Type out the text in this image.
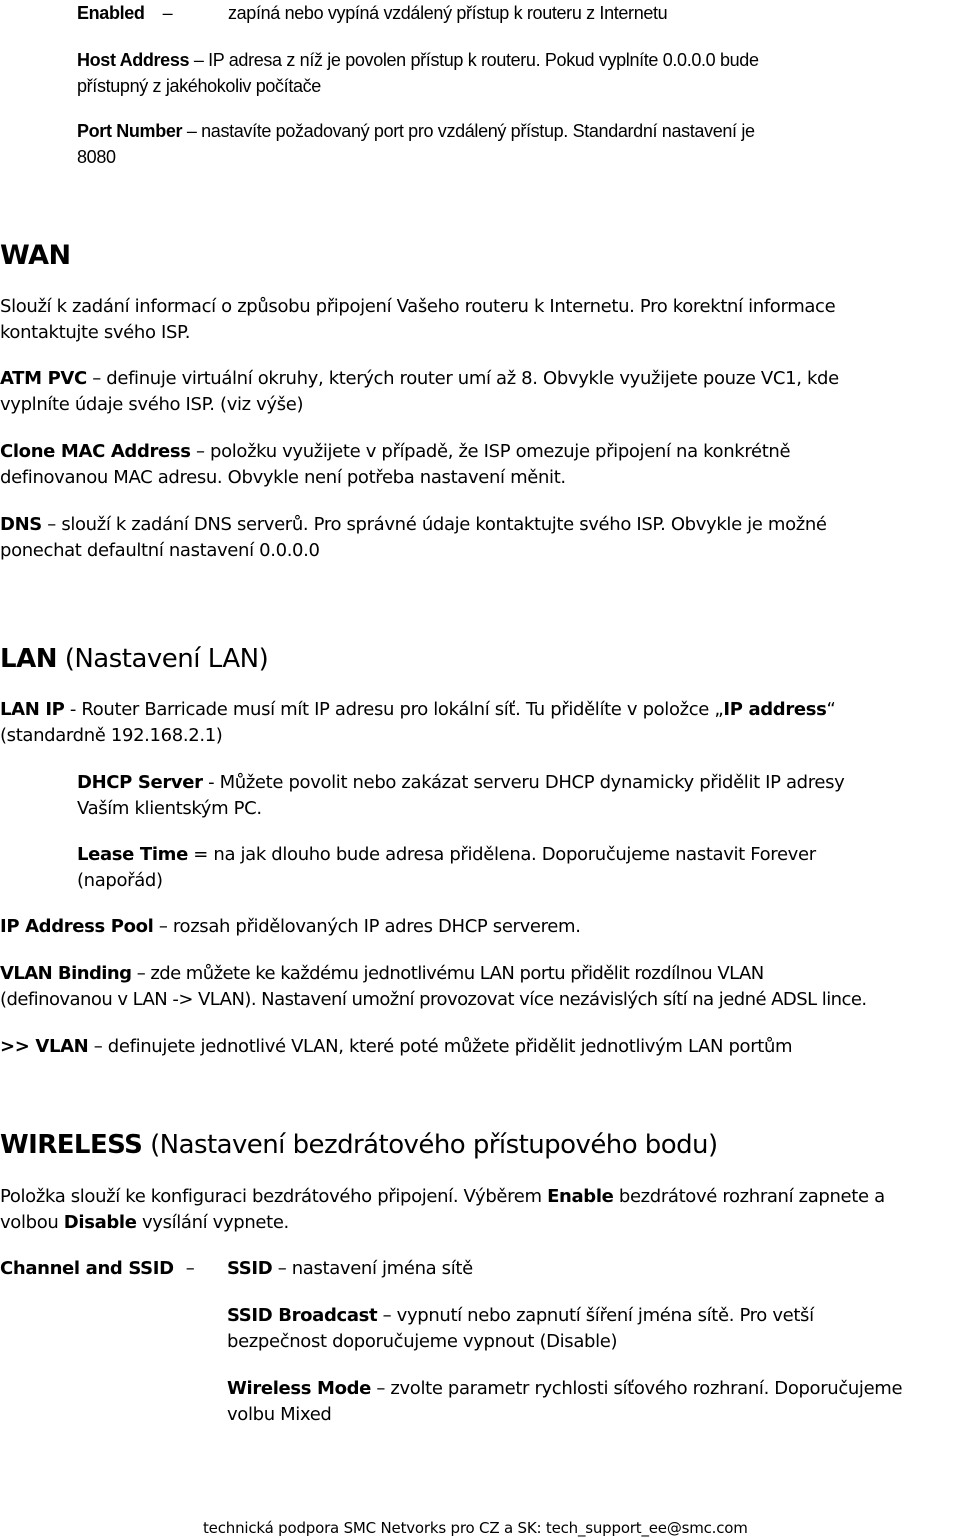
Enabled –	zapíná nebo vypíná vzdálený přístup k routeru z Internetu

Host Address – IP adresa z níž je povolen přístup k routeru. Pokud vyplníte 0.0.0.0 bude

přístupný z jakéhokoliv počítače

Port Number – nastavíte požadovaný port pro vzdálený přístup. Standardní nastavení je

8080

WAN

Slouží k zadání informací o způsobu připojení Vašeho routeru k Internetu. Pro korektní informace

kontaktujte svého ISP.

ATM PVC – definuje virtuální okruhy, kterých router umí až 8. Obvykle využijete pouze VC1, kde

vyplníte údaje svého ISP. (viz výše)

Clone MAC Address – položku využijete v případě, že ISP omezuje připojení na konkrétně

definovanou MAC adresu. Obvykle není potřeba nastavení měnit.

DNS – slouží k zadání DNS serverů. Pro správné údaje kontaktujte svého ISP. Obvykle je možné

ponechat defaultní nastavení 0.0.0.0

LAN (Nastavení LAN)

LAN IP - Router Barricade musí mít IP adresu pro lokální síť. Tu přidělíte v položce „IP address“

(standardně 192.168.2.1)

DHCP Server - Můžete povolit nebo zakázat serveru DHCP dynamicky přidělit IP adresy

Vaším klientským PC.

Lease Time = na jak dlouho bude adresa přidělena. Doporučujeme nastavit Forever

(napořád)

IP Address Pool – rozsah přidělovaných IP adres DHCP serverem.

VLAN Binding – zde můžete ke každému jednotlivému LAN portu přidělit rozdílnou VLAN

(definovanou v LAN -> VLAN). Nastavení umožní provozovat více nezávislých sítí na jedné ADSL lince.

>> VLAN – definujete jednotlivé VLAN, které poté můžete přidělit jednotlivým LAN portům

WIRELESS (Nastavení bezdrátového přístupového bodu)

Položka slouží ke konfiguraci bezdrátového připojení. Výběrem Enable bezdrátové rozhraní zapnete a

volbou Disable vysílání vypnete.

Channel and SSID – SSID – nastavení jména sítě

SSID Broadcast – vypnutí nebo zapnutí šíření jména sítě. Pro vetší

bezpečnost doporučujeme vypnout (Disable)

Wireless Mode – zvolte parametr rychlosti síťového rozhraní. Doporučujeme

volbu Mixed

technická podpora SMC Netvorks pro CZ a SK: tech_support_ee@smc.com
